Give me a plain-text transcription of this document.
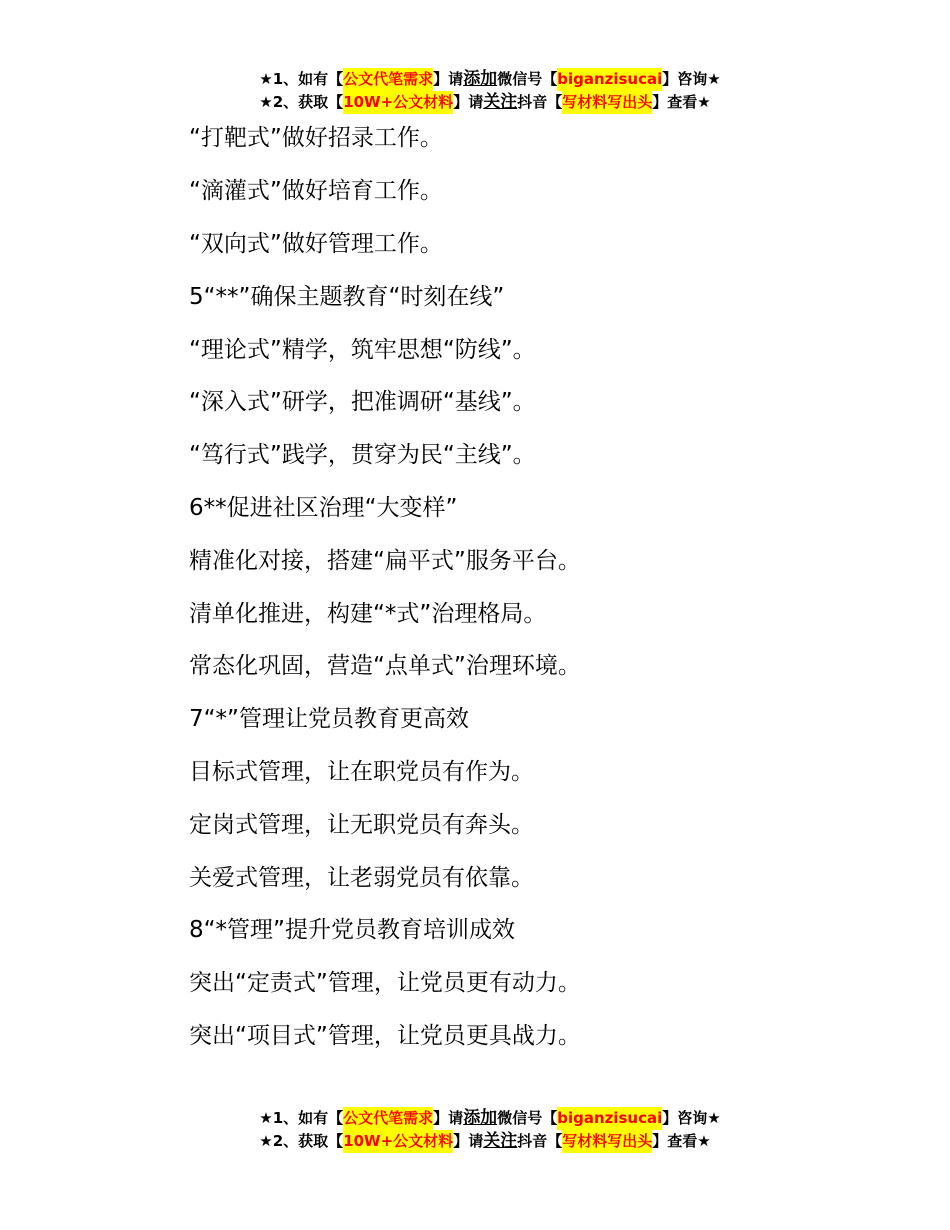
★1、如有【 公文代笔需求 】请 添加 微信号【 biganzisucai 】咨询★
★2、获取【 10W+公文材料 】请 关注 抖音【 写材料写出头 】查看★

“打靶式”做好招录工作。

“滴灌式”做好培育工作。

“双向式”做好管理工作。

5“**”确保主题教育“时刻在线”

“理论式”精学，筑牢思想“防线”。

“深入式”研学，把准调研“基线”。

“笃行式”践学，贯穿为民“主线”。

6**促进社区治理“大变样”

精准化对接，搭建“扁平式”服务平台。

清单化推进，构建“*式”治理格局。

常态化巩固，营造“点单式”治理环境。

7“*”管理让党员教育更高效

目标式管理，让在职党员有作为。

定岗式管理，让无职党员有奔头。

关爱式管理，让老弱党员有依靠。

8“*管理”提升党员教育培训成效

突出“定责式”管理，让党员更有动力。

突出“项目式”管理，让党员更具战力。

★1、如有【 公文代笔需求 】请 添加 微信号【 biganzisucai 】咨询★
★2、获取【 10W+公文材料 】请 关注 抖音【 写材料写出头 】查看★
